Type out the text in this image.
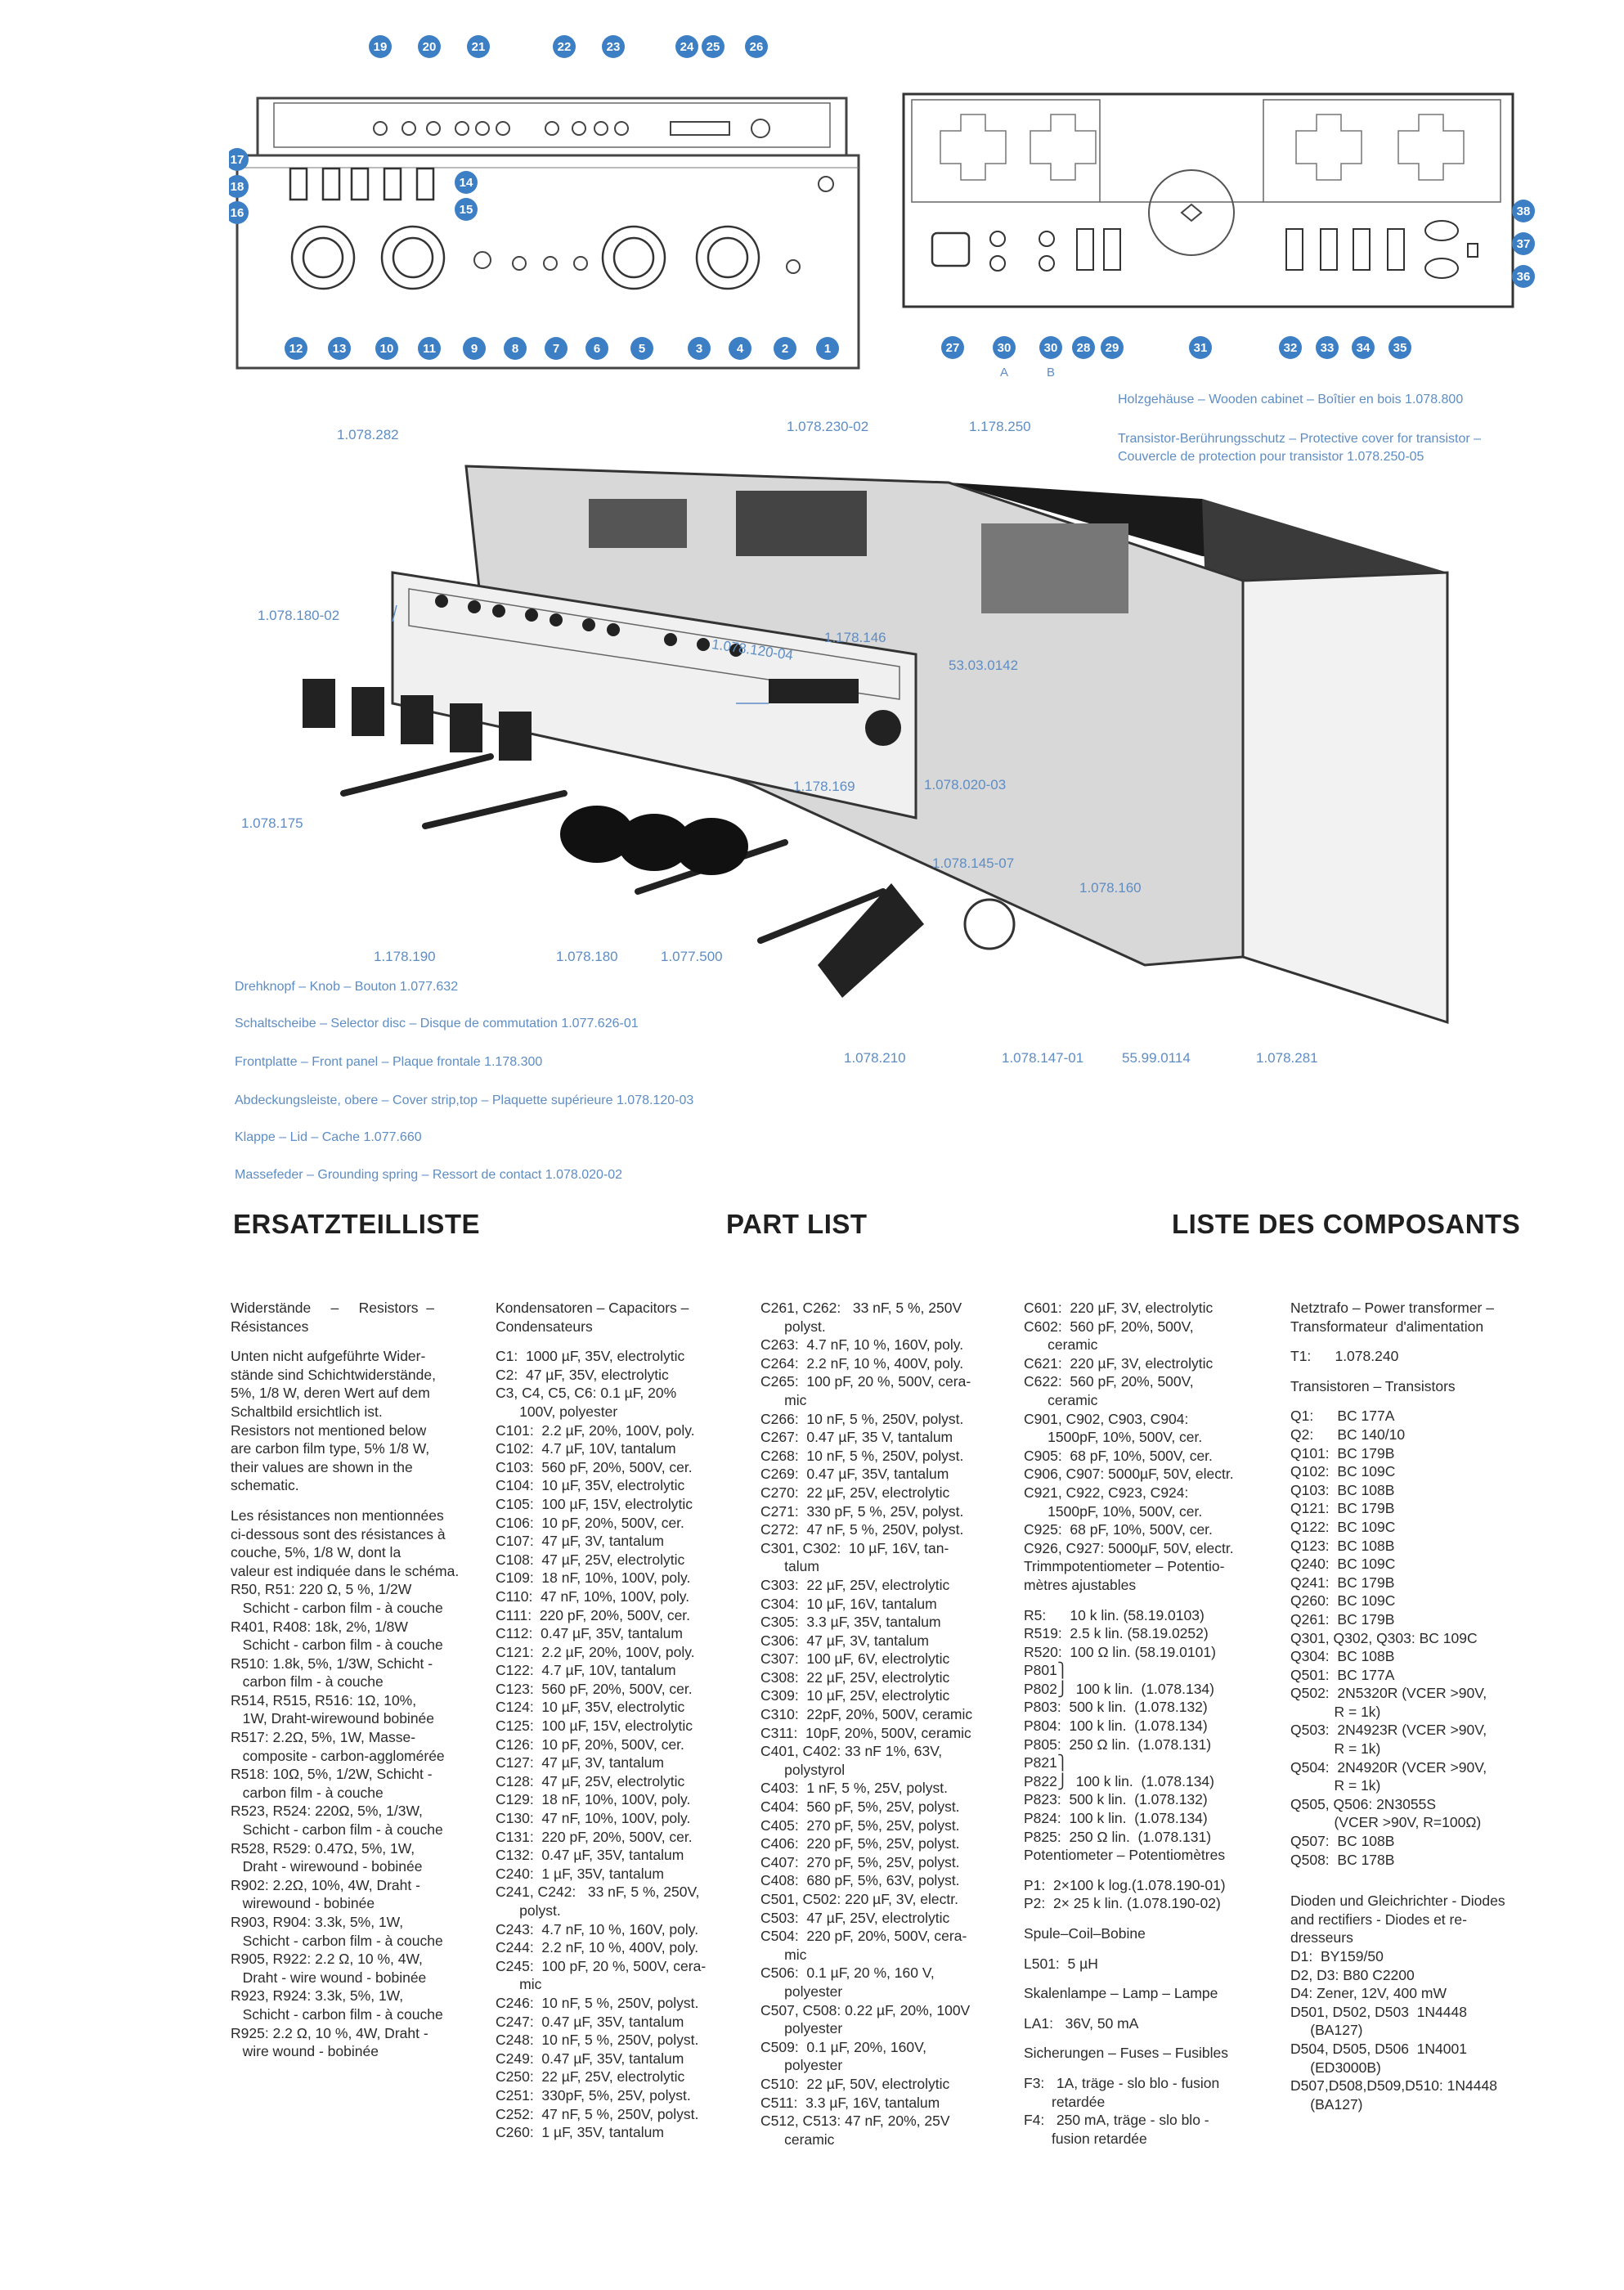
19	20	21	22	23	24 25 26
17
18
16
14
15
12 13	10 11	9	8	7	6	5	3	4	2	1	27	30	30 28 29	31	32 33 34 35
38
37
36
A	B
Holzgehäuse – Wooden cabinet – Boîtier en bois 1.078.800
Transistor-Berührungsschutz – Protective cover for transistor –
Couvercle de protection pour transistor 1.078.250-05
1.078.282
1.078.230-02	1.178.250
1.078.180-02
1.078.120-04 1.178.146
53.03.0142
1.178.169	1.078.020-03
1.078.175
1.078.145-07
1.078.160
1.178.190	1.078.180	1.077.500
1.078.210	1.078.147-01	55.99.0114	1.078.281
Drehknopf – Knob – Bouton 1.077.632
Schaltscheibe – Selector disc – Disque de commutation 1.077.626-01
Frontplatte – Front panel – Plaque frontale 1.178.300
Abdeckungsleiste, obere – Cover strip,top – Plaquette supérieure 1.078.120-03
Klappe – Lid – Cache 1.077.660
Massefeder – Grounding spring – Ressort de contact 1.078.020-02
ERSATZTEILLISTE	PART LIST	LISTE DES COMPOSANTS
Widerstände     –     Resistors  –
Résistances
Unten nicht aufgeführte Wider-
stände sind Schichtwiderstände,
5%, 1/8 W, deren Wert auf dem
Schaltbild ersichtlich ist.
Resistors not mentioned below
are carbon film type, 5% 1/8 W,
their values are shown in the
schematic.
Les résistances non mentionnées
ci-dessous sont des résistances à
couche, 5%, 1/8 W, dont la
valeur est indiquée dans le schéma.
R50, R51: 220 Ω, 5 %, 1/2W
Schicht - carbon film - à couche
R401, R408: 18k, 2%, 1/8W
Schicht - carbon film - à couche
R510: 1.8k, 5%, 1/3W, Schicht -
carbon film - à couche
R514, R515, R516: 1Ω, 10%,
1W, Draht-wirewound bobinée
R517: 2.2Ω, 5%, 1W, Masse-
composite - carbon-agglomérée
R518: 10Ω, 5%, 1/2W, Schicht -
carbon film - à couche
R523, R524: 220Ω, 5%, 1/3W,
Schicht - carbon film - à couche
R528, R529: 0.47Ω, 5%, 1W,
Draht - wirewound - bobinée
R902: 2.2Ω, 10%, 4W, Draht -
wirewound - bobinée
R903, R904: 3.3k, 5%, 1W,
Schicht - carbon film - à couche
R905, R922: 2.2 Ω, 10 %, 4W,
Draht - wire wound - bobinée
R923, R924: 3.3k, 5%, 1W,
Schicht - carbon film - à couche
R925: 2.2 Ω, 10 %, 4W, Draht -
wire wound - bobinée
Kondensatoren – Capacitors –
Condensateurs
C1:  1000 µF, 35V, electrolytic
C2:  47 µF, 35V, electrolytic
C3, C4, C5, C6: 0.1 µF, 20%
100V, polyester
C101:  2.2 µF, 20%, 100V, poly.
C102:  4.7 µF, 10V, tantalum
C103:  560 pF, 20%, 500V, cer.
C104:  10 µF, 35V, electrolytic
C105:  100 µF, 15V, electrolytic
C106:  10 pF, 20%, 500V, cer.
C107:  47 µF, 3V, tantalum
C108:  47 µF, 25V, electrolytic
C109:  18 nF, 10%, 100V, poly.
C110:  47 nF, 10%, 100V, poly.
C111:  220 pF, 20%, 500V, cer.
C112:  0.47 µF, 35V, tantalum
C121:  2.2 µF, 20%, 100V, poly.
C122:  4.7 µF, 10V, tantalum
C123:  560 pF, 20%, 500V, cer.
C124:  10 µF, 35V, electrolytic
C125:  100 µF, 15V, electrolytic
C126:  10 pF, 20%, 500V, cer.
C127:  47 µF, 3V, tantalum
C128:  47 µF, 25V, electrolytic
C129:  18 nF, 10%, 100V, poly.
C130:  47 nF, 10%, 100V, poly.
C131:  220 pF, 20%, 500V, cer.
C132:  0.47 µF, 35V, tantalum
C240:  1 µF, 35V, tantalum
C241, C242:   33 nF, 5 %, 250V,
polyst.
C243:  4.7 nF, 10 %, 160V, poly.
C244:  2.2 nF, 10 %, 400V, poly.
C245:  100 pF, 20 %, 500V, cera-
mic
C246:  10 nF, 5 %, 250V, polyst.
C247:  0.47 µF, 35V, tantalum
C248:  10 nF, 5 %, 250V, polyst.
C249:  0.47 µF, 35V, tantalum
C250:  22 µF, 25V, electrolytic
C251:  330pF, 5%, 25V, polyst.
C252:  47 nF, 5 %, 250V, polyst.
C260:  1 µF, 35V, tantalum
C261, C262:   33 nF, 5 %, 250V
polyst.
C263:  4.7 nF, 10 %, 160V, poly.
C264:  2.2 nF, 10 %, 400V, poly.
C265:  100 pF, 20 %, 500V, cera-
mic
C266:  10 nF, 5 %, 250V, polyst.
C267:  0.47 µF, 35 V, tantalum
C268:  10 nF, 5 %, 250V, polyst.
C269:  0.47 µF, 35V, tantalum
C270:  22 µF, 25V, electrolytic
C271:  330 pF, 5 %, 25V, polyst.
C272:  47 nF, 5 %, 250V, polyst.
C301, C302:  10 µF, 16V, tan-
talum
C303:  22 µF, 25V, electrolytic
C304:  10 µF, 16V, tantalum
C305:  3.3 µF, 35V, tantalum
C306:  47 µF, 3V, tantalum
C307:  100 µF, 6V, electrolytic
C308:  22 µF, 25V, electrolytic
C309:  10 µF, 25V, electrolytic
C310:  22pF, 20%, 500V, ceramic
C311:  10pF, 20%, 500V, ceramic
C401, C402: 33 nF 1%, 63V,
polystyrol
C403:  1 nF, 5 %, 25V, polyst.
C404:  560 pF, 5%, 25V, polyst.
C405:  270 pF, 5%, 25V, polyst.
C406:  220 pF, 5%, 25V, polyst.
C407:  270 pF, 5%, 25V, polyst.
C408:  680 pF, 5%, 63V, polyst.
C501, C502: 220 µF, 3V, electr.
C503:  47 µF, 25V, electrolytic
C504:  220 pF, 20%, 500V, cera-
mic
C506:  0.1 µF, 20 %, 160 V,
polyester
C507, C508: 0.22 µF, 20%, 100V
polyester
C509:  0.1 µF, 20%, 160V,
polyester
C510:  22 µF, 50V, electrolytic
C511:  3.3 µF, 16V, tantalum
C512, C513: 47 nF, 20%, 25V
ceramic
C601:  220 µF, 3V, electrolytic
C602:  560 pF, 20%, 500V,
ceramic
C621:  220 µF, 3V, electrolytic
C622:  560 pF, 20%, 500V,
ceramic
C901, C902, C903, C904:
1500pF, 10%, 500V, cer.
C905:  68 pF, 10%, 500V, cer.
C906, C907: 5000µF, 50V, electr.
C921, C922, C923, C924:
1500pF, 10%, 500V, cer.
C925:  68 pF, 10%, 500V, cer.
C926, C927: 5000µF, 50V, electr.
Trimmpotentiometer – Potentio-
mètres ajustables
R5:      10 k lin. (58.19.0103)
R519:  2.5 k lin. (58.19.0252)
R520:  100 Ω lin. (58.19.0101)
P801⎫
P802⎭  100 k lin.  (1.078.134)
P803:  500 k lin.  (1.078.132)
P804:  100 k lin.  (1.078.134)
P805:  250 Ω lin.  (1.078.131)
P821⎫
P822⎭  100 k lin.  (1.078.134)
P823:  500 k lin.  (1.078.132)
P824:  100 k lin.  (1.078.134)
P825:  250 Ω lin.  (1.078.131)
Potentiometer – Potentiomètres
P1:  2×100 k log.(1.078.190-01)
P2:  2× 25 k lin. (1.078.190-02)
Spule–Coil–Bobine
L501:  5 µH
Skalenlampe – Lamp – Lampe
LA1:   36V, 50 mA
Sicherungen – Fuses – Fusibles
F3:   1A, träge - slo blo - fusion
retardée
F4:   250 mA, träge - slo blo -
fusion retardée
Netztrafo – Power transformer –
Transformateur  d'alimentation
T1:      1.078.240
Transistoren – Transistors
Q1:      BC 177A
Q2:      BC 140/10
Q101:  BC 179B
Q102:  BC 109C
Q103:  BC 108B
Q121:  BC 179B
Q122:  BC 109C
Q123:  BC 108B
Q240:  BC 109C
Q241:  BC 179B
Q260:  BC 109C
Q261:  BC 179B
Q301, Q302, Q303: BC 109C
Q304:  BC 108B
Q501:  BC 177A
Q502:  2N5320R (VCER >90V,
R = 1k)
Q503:  2N4923R (VCER >90V,
R = 1k)
Q504:  2N4920R (VCER >90V,
R = 1k)
Q505, Q506: 2N3055S
(VCER >90V, R=100Ω)
Q507:  BC 108B
Q508:  BC 178B
Dioden und Gleichrichter - Diodes
and rectifiers - Diodes et re-
dresseurs
D1:  BY159/50
D2, D3: B80 C2200
D4: Zener, 12V, 400 mW
D501, D502, D503  1N4448
(BA127)
D504, D505, D506  1N4001
(ED3000B)
D507,D508,D509,D510: 1N4448
(BA127)
